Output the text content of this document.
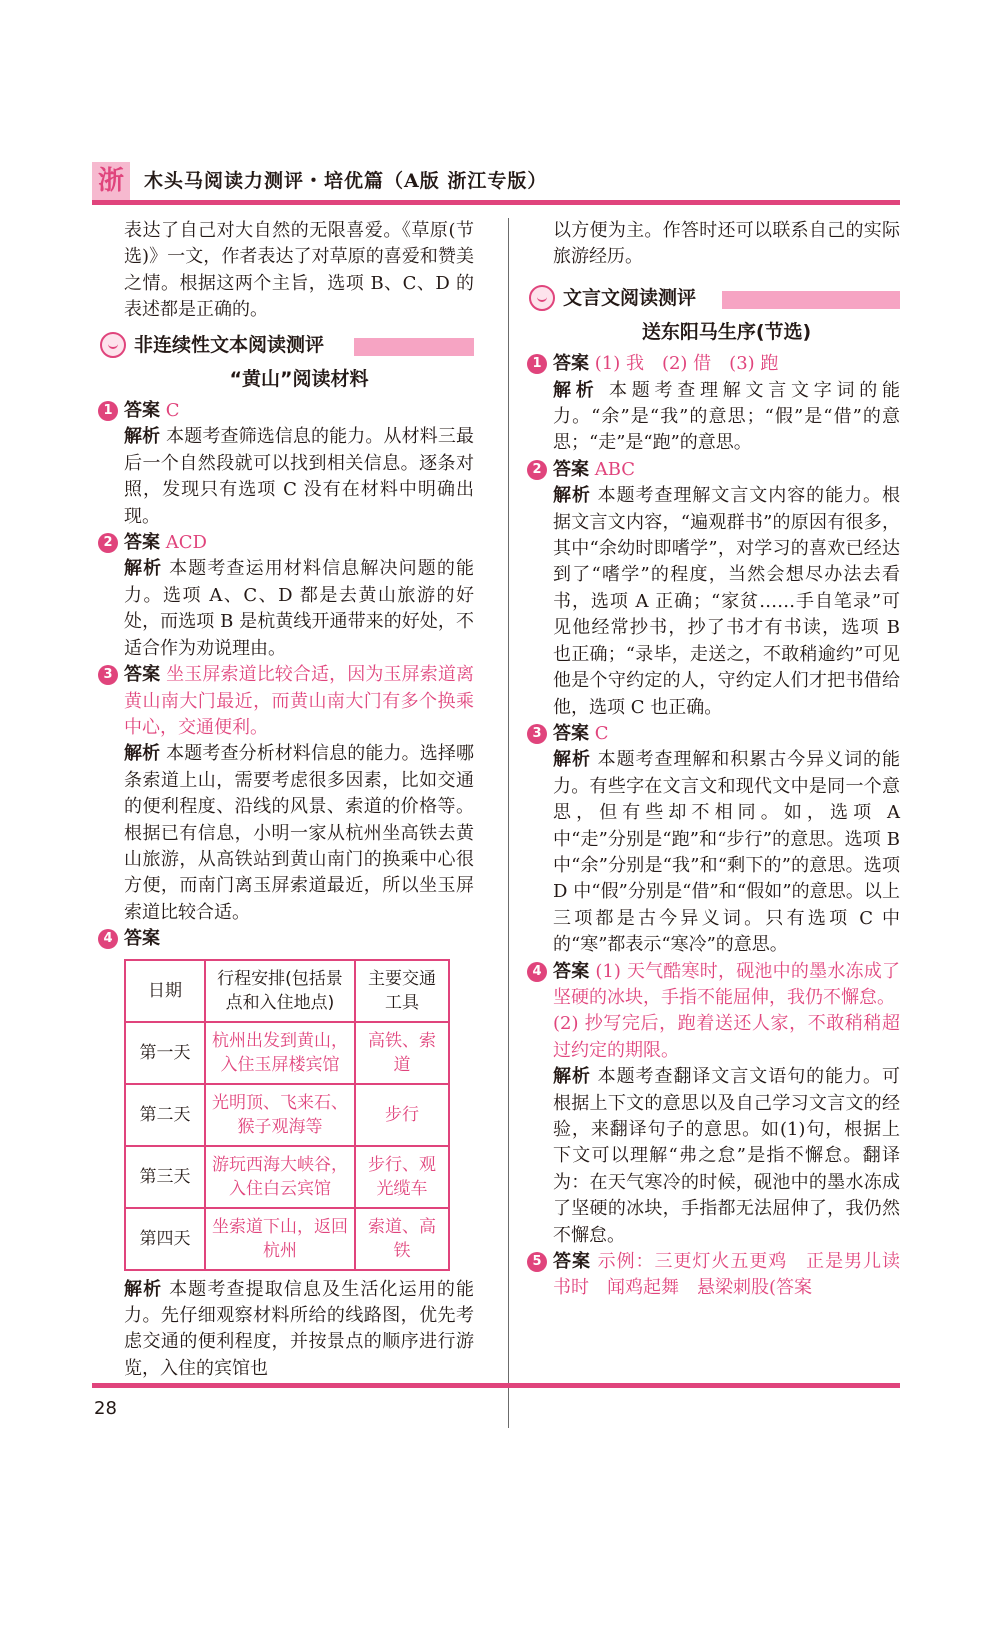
浙	木头马阅读力测评・培优篇（A版 浙江专版）
表达了自己对大自然的无限喜爱。《草原(节选)》一文，作者表达了对草原的喜爱和赞美之情。根据这两个主旨，选项 B、C、D 的表述都是正确的。
非连续性文本阅读测评
“黄山”阅读材料
1 答案 C
解析 本题考查筛选信息的能力。从材料三最后一个自然段就可以找到相关信息。逐条对照，发现只有选项 C 没有在材料中明确出现。
2 答案 ACD
解析 本题考查运用材料信息解决问题的能力。选项 A、C、D 都是去黄山旅游的好处，而选项 B 是杭黄线开通带来的好处，不适合作为劝说理由。
3 答案 坐玉屏索道比较合适，因为玉屏索道离黄山南大门最近，而黄山南大门有多个换乘中心，交通便利。
解析 本题考查分析材料信息的能力。选择哪条索道上山，需要考虑很多因素，比如交通的便利程度、沿线的风景、索道的价格等。根据已有信息，小明一家从杭州坐高铁去黄山旅游，从高铁站到黄山南门的换乘中心很方便，而南门离玉屏索道最近，所以坐玉屏索道比较合适。
4 答案
日期	行程安排(包括景点和入住地点)	主要交通工具
第一天	杭州出发到黄山，入住玉屏楼宾馆	高铁、索道
第二天	光明顶、飞来石、猴子观海等	步行
第三天	游玩西海大峡谷，入住白云宾馆	步行、观光缆车
第四天	坐索道下山，返回杭州	索道、高铁
解析 本题考查提取信息及生活化运用的能力。先仔细观察材料所给的线路图，优先考虑交通的便利程度，并按景点的顺序进行游览，入住的宾馆也
以方便为主。作答时还可以联系自己的实际旅游经历。
文言文阅读测评
送东阳马生序(节选)
1 答案 (1) 我　(2) 借　(3) 跑
解析 本题考查理解文言文字词的能力。“余”是“我”的意思；“假”是“借”的意思；“走”是“跑”的意思。
2 答案 ABC
解析 本题考查理解文言文内容的能力。根据文言文内容，“遍观群书”的原因有很多，其中“余幼时即嗜学”，对学习的喜欢已经达到了“嗜学”的程度，当然会想尽办法去看书，选项 A 正确；“家贫……手自笔录”可见他经常抄书，抄了书才有书读，选项 B 也正确；“录毕，走送之，不敢稍逾约”可见他是个守约定的人，守约定人们才把书借给他，选项 C 也正确。
3 答案 C
解析 本题考查理解和积累古今异义词的能力。有些字在文言文和现代文中是同一个意思，但有些却不相同。如，选项 A 中“走”分别是“跑”和“步行”的意思。选项 B 中“余”分别是“我”和“剩下的”的意思。选项 D 中“假”分别是“借”和“假如”的意思。以上三项都是古今异义词。只有选项 C 中的“寒”都表示“寒冷”的意思。
4 答案 (1) 天气酷寒时，砚池中的墨水冻成了坚硬的冰块，手指不能屈伸，我仍不懈怠。
(2) 抄写完后，跑着送还人家，不敢稍稍超过约定的期限。
解析 本题考查翻译文言文语句的能力。可根据上下文的意思以及自己学习文言文的经验，来翻译句子的意思。如(1)句，根据上下文可以理解“弗之怠”是指不懈怠。翻译为：在天气寒冷的时候，砚池中的墨水冻成了坚硬的冰块，手指都无法屈伸了，我仍然不懈怠。
5 答案 示例：三更灯火五更鸡　正是男儿读书时　闻鸡起舞　悬梁刺股(答案
28
